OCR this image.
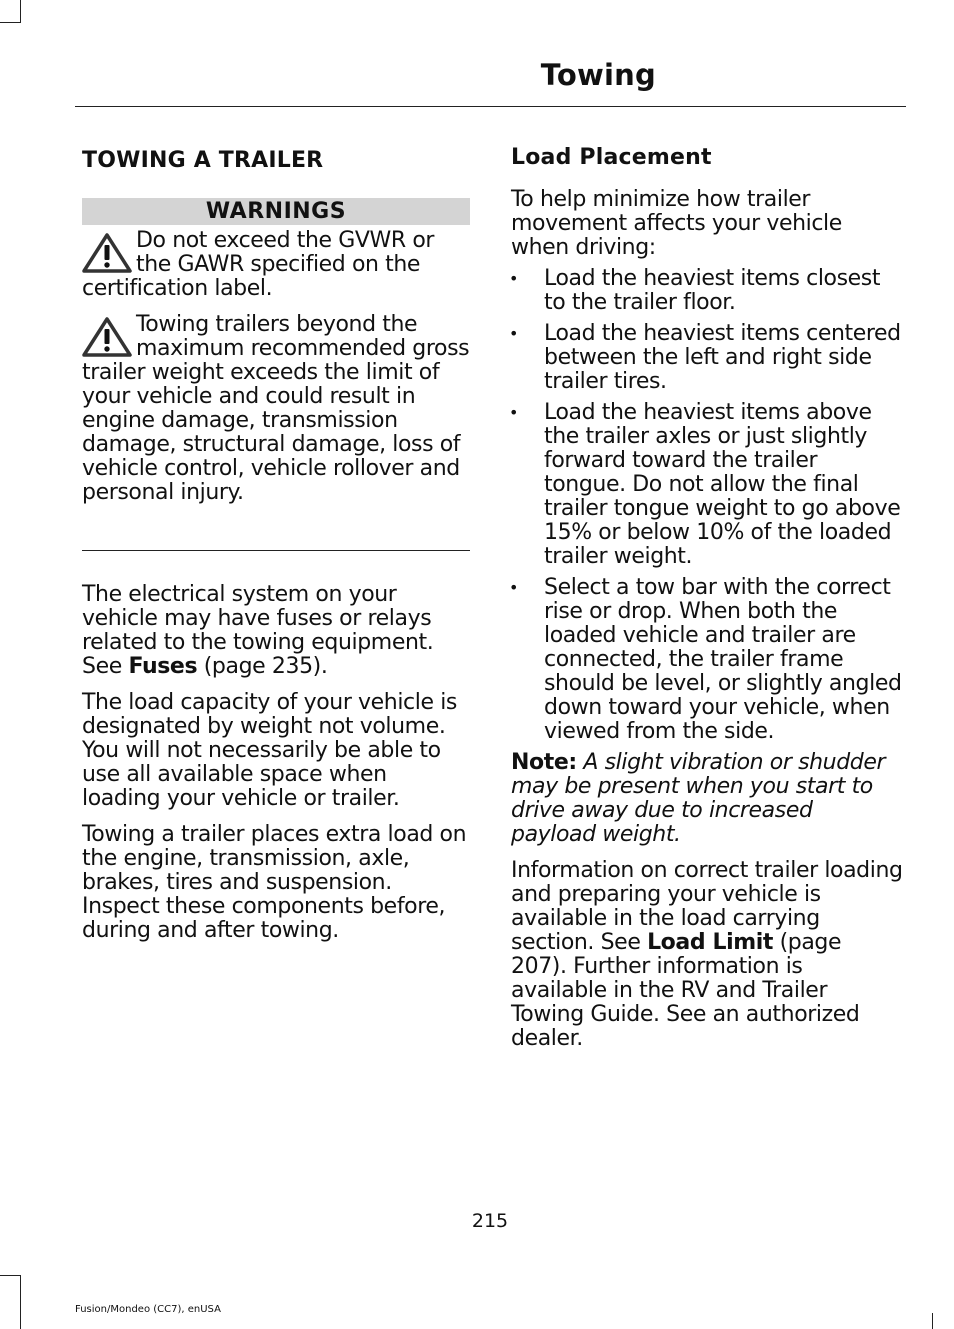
Towing
TOWING A TRAILER
WARNINGS

Do not exceed the GVWR or the GAWR specified on the certification label.

Towing trailers beyond the maximum recommended gross trailer weight exceeds the limit of your vehicle and could result in engine damage, transmission damage, structural damage, loss of vehicle control, vehicle rollover and personal injury.

The electrical system on your vehicle may have fuses or relays related to the towing equipment. See Fuses (page 235).

The load capacity of your vehicle is designated by weight not volume. You will not necessarily be able to use all available space when loading your vehicle or trailer.

Towing a trailer places extra load on the engine, transmission, axle, brakes, tires and suspension. Inspect these components before, during and after towing.

Load Placement

To help minimize how trailer movement affects your vehicle when driving:

• Load the heaviest items closest to the trailer floor.
• Load the heaviest items centered between the left and right side trailer tires.
• Load the heaviest items above the trailer axles or just slightly forward toward the trailer tongue. Do not allow the final trailer tongue weight to go above 15% or below 10% of the loaded trailer weight.
• Select a tow bar with the correct rise or drop. When both the loaded vehicle and trailer are connected, the trailer frame should be level, or slightly angled down toward your vehicle, when viewed from the side.

Note: A slight vibration or shudder may be present when you start to drive away due to increased payload weight.

Information on correct trailer loading and preparing your vehicle is available in the load carrying section. See Load Limit (page 207). Further information is available in the RV and Trailer Towing Guide. See an authorized dealer.

215
Fusion/Mondeo (CC7), enUSA
